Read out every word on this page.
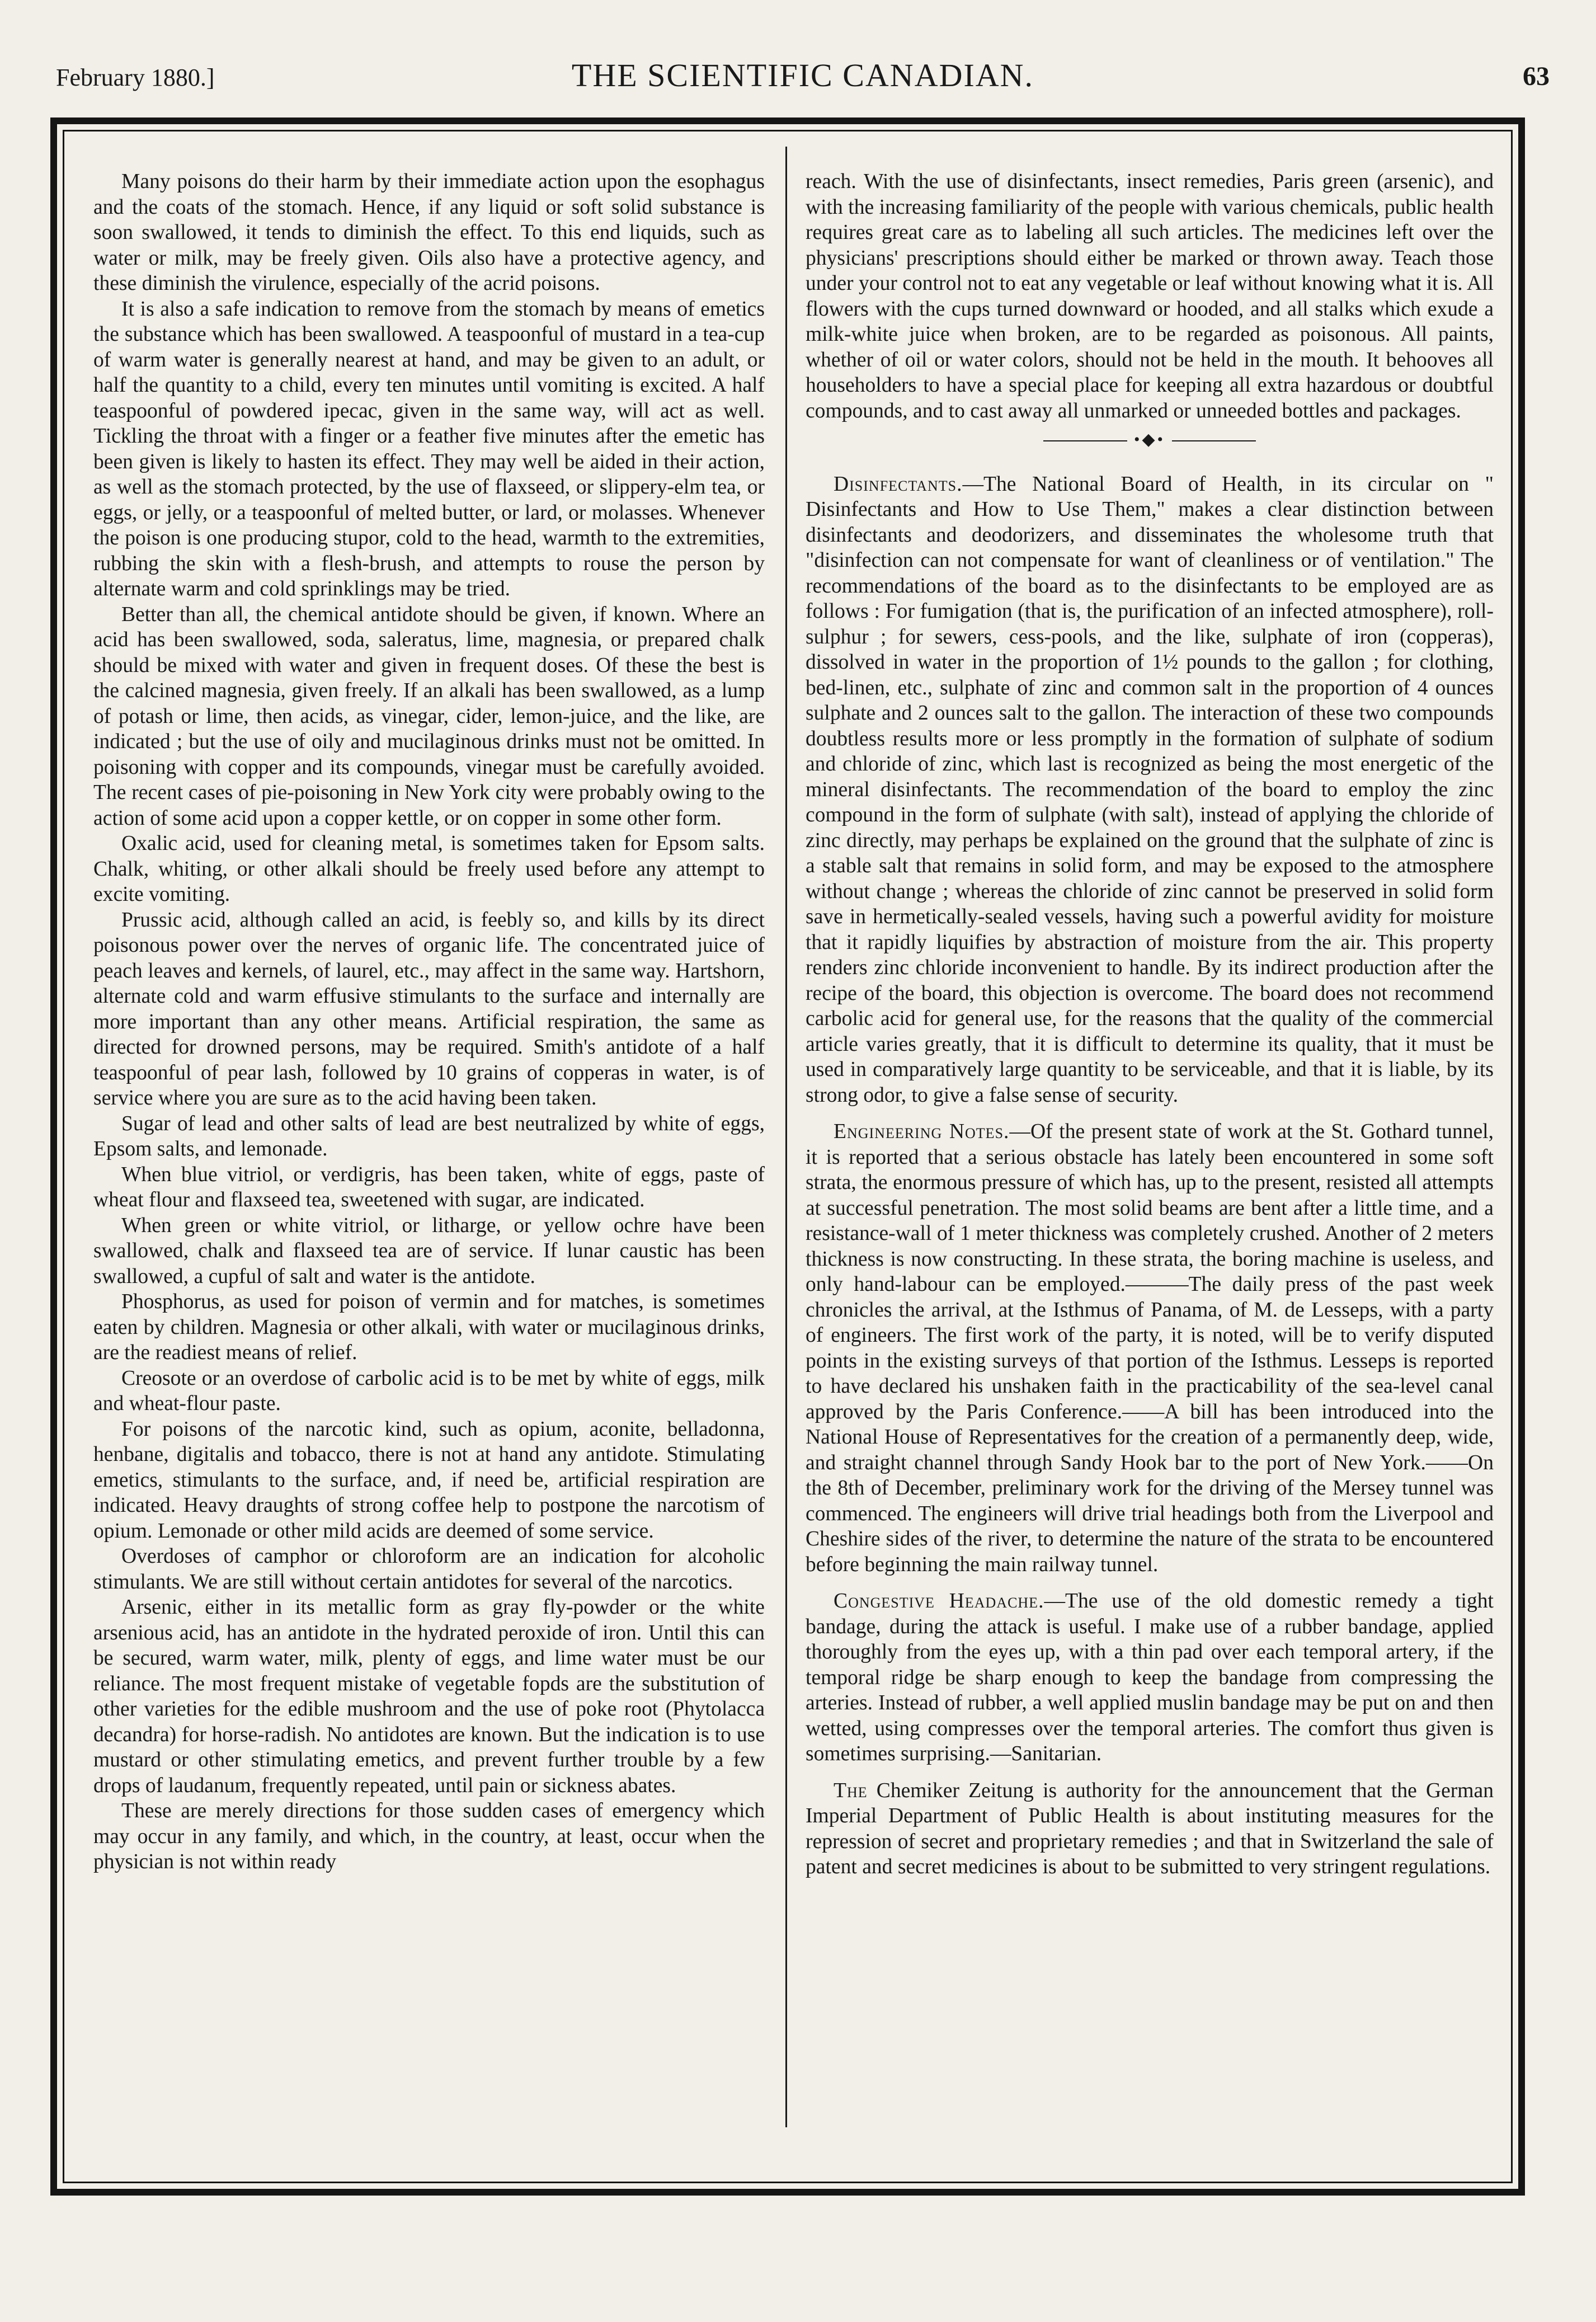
February 1880.]	THE SCIENTIFIC CANADIAN.	63

Many poisons do their harm by their immediate action upon the esophagus and the coats of the stomach. Hence, if any liquid or soft solid substance is soon swallowed, it tends to diminish the effect. To this end liquids, such as water or milk, may be freely given. Oils also have a protective agency, and these diminish the virulence, especially of the acrid poisons.

It is also a safe indication to remove from the stomach by means of emetics the substance which has been swallowed. A teaspoonful of mustard in a tea-cup of warm water is generally nearest at hand, and may be given to an adult, or half the quantity to a child, every ten minutes until vomiting is excited. A half teaspoonful of powdered ipecac, given in the same way, will act as well. Tickling the throat with a finger or a feather five minutes after the emetic has been given is likely to hasten its effect. They may well be aided in their action, as well as the stomach protected, by the use of flaxseed, or slippery-elm tea, or eggs, or jelly, or a teaspoonful of melted butter, or lard, or molasses. Whenever the poison is one producing stupor, cold to the head, warmth to the extremities, rubbing the skin with a flesh-brush, and attempts to rouse the person by alternate warm and cold sprinklings may be tried.

Better than all, the chemical antidote should be given, if known. Where an acid has been swallowed, soda, saleratus, lime, magnesia, or prepared chalk should be mixed with water and given in frequent doses. Of these the best is the calcined magnesia, given freely. If an alkali has been swallowed, as a lump of potash or lime, then acids, as vinegar, cider, lemon-juice, and the like, are indicated ; but the use of oily and mucilaginous drinks must not be omitted. In poisoning with copper and its compounds, vinegar must be carefully avoided. The recent cases of pie-poisoning in New York city were probably owing to the action of some acid upon a copper kettle, or on copper in some other form.

Oxalic acid, used for cleaning metal, is sometimes taken for Epsom salts. Chalk, whiting, or other alkali should be freely used before any attempt to excite vomiting.

Prussic acid, although called an acid, is feebly so, and kills by its direct poisonous power over the nerves of organic life. The concentrated juice of peach leaves and kernels, of laurel, etc., may affect in the same way. Hartshorn, alternate cold and warm effusive stimulants to the surface and internally are more important than any other means. Artificial respiration, the same as directed for drowned persons, may be required. Smith's antidote of a half teaspoonful of pear lash, followed by 10 grains of copperas in water, is of service where you are sure as to the acid having been taken.

Sugar of lead and other salts of lead are best neutralized by white of eggs, Epsom salts, and lemonade.

When blue vitriol, or verdigris, has been taken, white of eggs, paste of wheat flour and flaxseed tea, sweetened with sugar, are indicated.

When green or white vitriol, or litharge, or yellow ochre have been swallowed, chalk and flaxseed tea are of service. If lunar caustic has been swallowed, a cupful of salt and water is the antidote.

Phosphorus, as used for poison of vermin and for matches, is sometimes eaten by children. Magnesia or other alkali, with water or mucilaginous drinks, are the readiest means of relief.

Creosote or an overdose of carbolic acid is to be met by white of eggs, milk and wheat-flour paste.

For poisons of the narcotic kind, such as opium, aconite, belladonna, henbane, digitalis and tobacco, there is not at hand any antidote. Stimulating emetics, stimulants to the surface, and, if need be, artificial respiration are indicated. Heavy draughts of strong coffee help to postpone the narcotism of opium. Lemonade or other mild acids are deemed of some service.

Overdoses of camphor or chloroform are an indication for alcoholic stimulants. We are still without certain antidotes for several of the narcotics.

Arsenic, either in its metallic form as gray fly-powder or the white arsenious acid, has an antidote in the hydrated peroxide of iron. Until this can be secured, warm water, milk, plenty of eggs, and lime water must be our reliance. The most frequent mistake of vegetable fopds are the substitution of other varieties for the edible mushroom and the use of poke root (Phytolacca decandra) for horse-radish. No antidotes are known. But the indication is to use mustard or other stimulating emetics, and prevent further trouble by a few drops of laudanum, frequently repeated, until pain or sickness abates.

These are merely directions for those sudden cases of emergency which may occur in any family, and which, in the country, at least, occur when the physician is not within ready

reach. With the use of disinfectants, insect remedies, Paris green (arsenic), and with the increasing familiarity of the people with various chemicals, public health requires great care as to labeling all such articles. The medicines left over the physicians' prescriptions should either be marked or thrown away. Teach those under your control not to eat any vegetable or leaf without knowing what it is. All flowers with the cups turned downward or hooded, and all stalks which exude a milk-white juice when broken, are to be regarded as poisonous. All paints, whether of oil or water colors, should not be held in the mouth. It behooves all householders to have a special place for keeping all extra hazardous or doubtful compounds, and to cast away all unmarked or unneeded bottles and packages.

•◆•

Disinfectants.—The National Board of Health, in its circular on " Disinfectants and How to Use Them," makes a clear distinction between disinfectants and deodorizers, and disseminates the wholesome truth that "disinfection can not compensate for want of cleanliness or of ventilation." The recommendations of the board as to the disinfectants to be employed are as follows : For fumigation (that is, the purification of an infected atmosphere), roll-sulphur ; for sewers, cess-pools, and the like, sulphate of iron (copperas), dissolved in water in the proportion of 1½ pounds to the gallon ; for clothing, bed-linen, etc., sulphate of zinc and common salt in the proportion of 4 ounces sulphate and 2 ounces salt to the gallon. The interaction of these two compounds doubtless results more or less promptly in the formation of sulphate of sodium and chloride of zinc, which last is recognized as being the most energetic of the mineral disinfectants. The recommendation of the board to employ the zinc compound in the form of sulphate (with salt), instead of applying the chloride of zinc directly, may perhaps be explained on the ground that the sulphate of zinc is a stable salt that remains in solid form, and may be exposed to the atmosphere without change ; whereas the chloride of zinc cannot be preserved in solid form save in hermetically-sealed vessels, having such a powerful avidity for moisture that it rapidly liquifies by abstraction of moisture from the air. This property renders zinc chloride inconvenient to handle. By its indirect production after the recipe of the board, this objection is overcome. The board does not recommend carbolic acid for general use, for the reasons that the quality of the commercial article varies greatly, that it is difficult to determine its quality, that it must be used in comparatively large quantity to be serviceable, and that it is liable, by its strong odor, to give a false sense of security.

Engineering Notes.—Of the present state of work at the St. Gothard tunnel, it is reported that a serious obstacle has lately been encountered in some soft strata, the enormous pressure of which has, up to the present, resisted all attempts at successful penetration. The most solid beams are bent after a little time, and a resistance-wall of 1 meter thickness was completely crushed. Another of 2 meters thickness is now constructing. In these strata, the boring machine is useless, and only hand-labour can be employed.———The daily press of the past week chronicles the arrival, at the Isthmus of Panama, of M. de Lesseps, with a party of engineers. The first work of the party, it is noted, will be to verify disputed points in the existing surveys of that portion of the Isthmus. Lesseps is reported to have declared his unshaken faith in the practicability of the sea-level canal approved by the Paris Conference.——A bill has been introduced into the National House of Representatives for the creation of a permanently deep, wide, and straight channel through Sandy Hook bar to the port of New York.——On the 8th of December, preliminary work for the driving of the Mersey tunnel was commenced. The engineers will drive trial headings both from the Liverpool and Cheshire sides of the river, to determine the nature of the strata to be encountered before beginning the main railway tunnel.

Congestive Headache.—The use of the old domestic remedy a tight bandage, during the attack is useful. I make use of a rubber bandage, applied thoroughly from the eyes up, with a thin pad over each temporal artery, if the temporal ridge be sharp enough to keep the bandage from compressing the arteries. Instead of rubber, a well applied muslin bandage may be put on and then wetted, using compresses over the temporal arteries. The comfort thus given is sometimes surprising.—Sanitarian.

The Chemiker Zeitung is authority for the announcement that the German Imperial Department of Public Health is about instituting measures for the repression of secret and proprietary remedies ; and that in Switzerland the sale of patent and secret medicines is about to be submitted to very stringent regulations.
